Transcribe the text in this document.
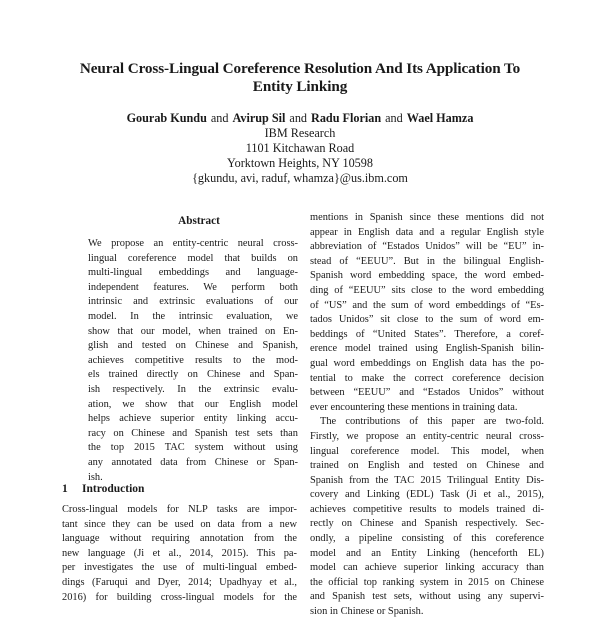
Neural Cross-Lingual Coreference Resolution And Its Application To
Entity Linking
Gourab Kundu and Avirup Sil and Radu Florian and Wael Hamza
IBM Research
1101 Kitchawan Road
Yorktown Heights, NY 10598
{gkundu, avi, raduf, whamza}@us.ibm.com
Abstract
We propose an entity-centric neural cross-
lingual coreference model that builds on
multi-lingual embeddings and language-
independent features. We perform both
intrinsic and extrinsic evaluations of our
model. In the intrinsic evaluation, we
show that our model, when trained on En-
glish and tested on Chinese and Spanish,
achieves competitive results to the mod-
els trained directly on Chinese and Span-
ish respectively. In the extrinsic evalu-
ation, we show that our English model
helps achieve superior entity linking accu-
racy on Chinese and Spanish test sets than
the top 2015 TAC system without using
any annotated data from Chinese or Span-
ish.
1 Introduction
Cross-lingual models for NLP tasks are impor-
tant since they can be used on data from a new
language without requiring annotation from the
new language (Ji et al., 2014, 2015). This pa-
per investigates the use of multi-lingual embed-
dings (Faruqui and Dyer, 2014; Upadhyay et al.,
2016) for building cross-lingual models for the
mentions in Spanish since these mentions did not
appear in English data and a regular English style
abbreviation of “Estados Unidos” will be “EU” in-
stead of “EEUU”. But in the bilingual English-
Spanish word embedding space, the word embed-
ding of “EEUU” sits close to the word embedding
of “US” and the sum of word embeddings of “Es-
tados Unidos” sit close to the sum of word em-
beddings of “United States”. Therefore, a coref-
erence model trained using English-Spanish bilin-
gual word embeddings on English data has the po-
tential to make the correct coreference decision
between “EEUU” and “Estados Unidos” without
ever encountering these mentions in training data.
The contributions of this paper are two-fold.
Firstly, we propose an entity-centric neural cross-
lingual coreference model. This model, when
trained on English and tested on Chinese and
Spanish from the TAC 2015 Trilingual Entity Dis-
covery and Linking (EDL) Task (Ji et al., 2015),
achieves competitive results to models trained di-
rectly on Chinese and Spanish respectively. Sec-
ondly, a pipeline consisting of this coreference
model and an Entity Linking (henceforth EL)
model can achieve superior linking accuracy than
the official top ranking system in 2015 on Chinese
and Spanish test sets, without using any supervi-
sion in Chinese or Spanish.
